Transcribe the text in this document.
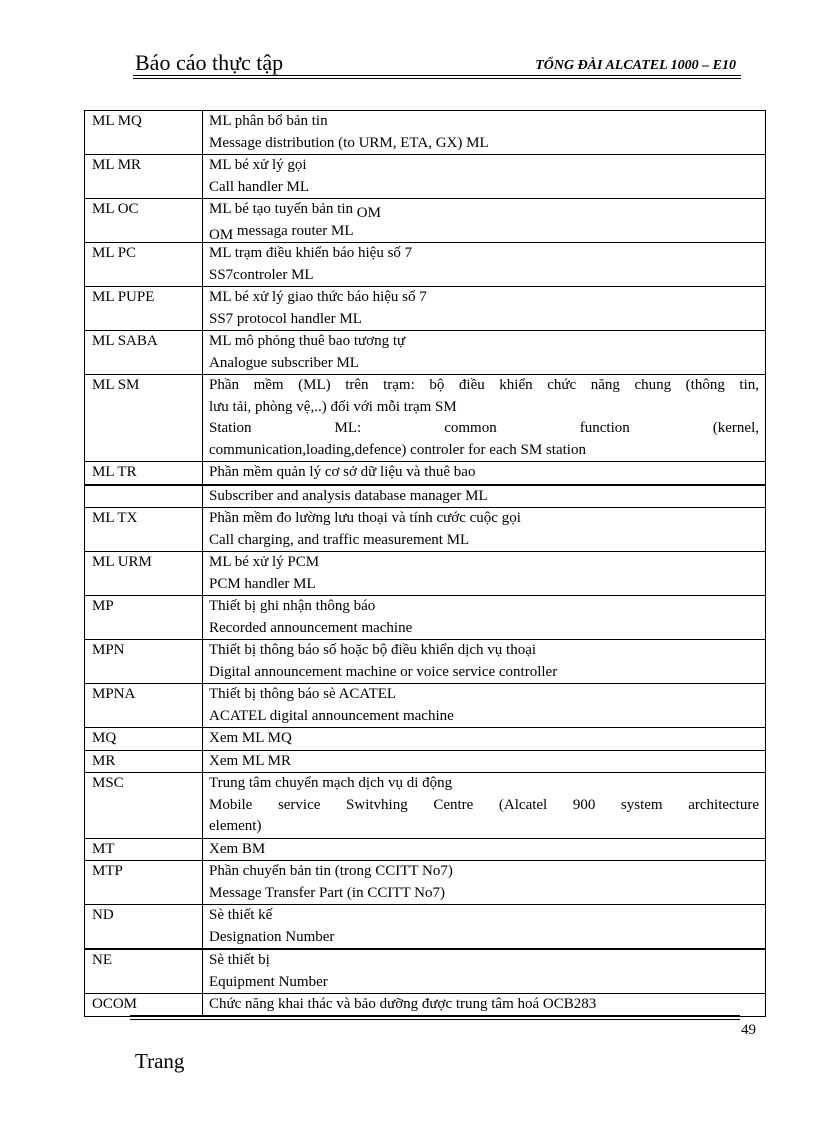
Báo cáo thực tập	TỔNG ĐÀI ALCATEL 1000 – E10
ML MQ	ML phân bổ bản tin
Message distribution (to URM, ETA, GX) ML

ML MR	ML bé xử lý gọi
Call handler ML

ML OC	ML bé tạo tuyến bản tin OM
OM messaga router ML

ML PC	ML trạm điều khiển báo hiệu số 7
SS7controler ML

ML PUPE	ML bé xử lý giao thức báo hiệu số 7
SS7 protocol handler ML

ML SABA	ML mô phỏng thuê bao tương tự
Analogue subscriber ML

ML SM	Phần mềm (ML) trên trạm: bộ điều khiển chức năng chung (thông tin,
lưu tải, phòng vệ,..) đối với mỗi trạm SM
Station ML: common function (kernel,
communication,loading,defence) controler for each SM station

ML TR	Phần mềm quản lý cơ sở dữ liệu và thuê bao

	Subscriber and analysis database manager ML

ML TX	Phần mềm đo lường lưu thoại và tính cước cuộc gọi
Call charging, and traffic measurement ML

ML URM	ML bé xử lý PCM
PCM handler ML

MP	Thiết bị ghi nhận thông báo
Recorded announcement machine

MPN	Thiết bị thông báo số hoặc bộ điều khiển dịch vụ thoại
Digital announcement machine or voice service controller

MPNA	Thiết bị thông báo sè ACATEL
ACATEL digital announcement machine

MQ	Xem ML MQ

MR	Xem ML MR

MSC	Trung tâm chuyển mạch dịch vụ di động
Mobile service Switvhing Centre (Alcatel 900 system architecture
element)

MT	Xem BM

MTP	Phần chuyển bản tin (trong CCITT No7)
Message Transfer Part (in CCITT No7)

ND	Sè thiết kế
Designation Number

NE	Sè thiết bị
Equipment Number

OCOM	Chức năng khai thác và bảo dưỡng được trung tâm hoá OCB283
49
Trang
